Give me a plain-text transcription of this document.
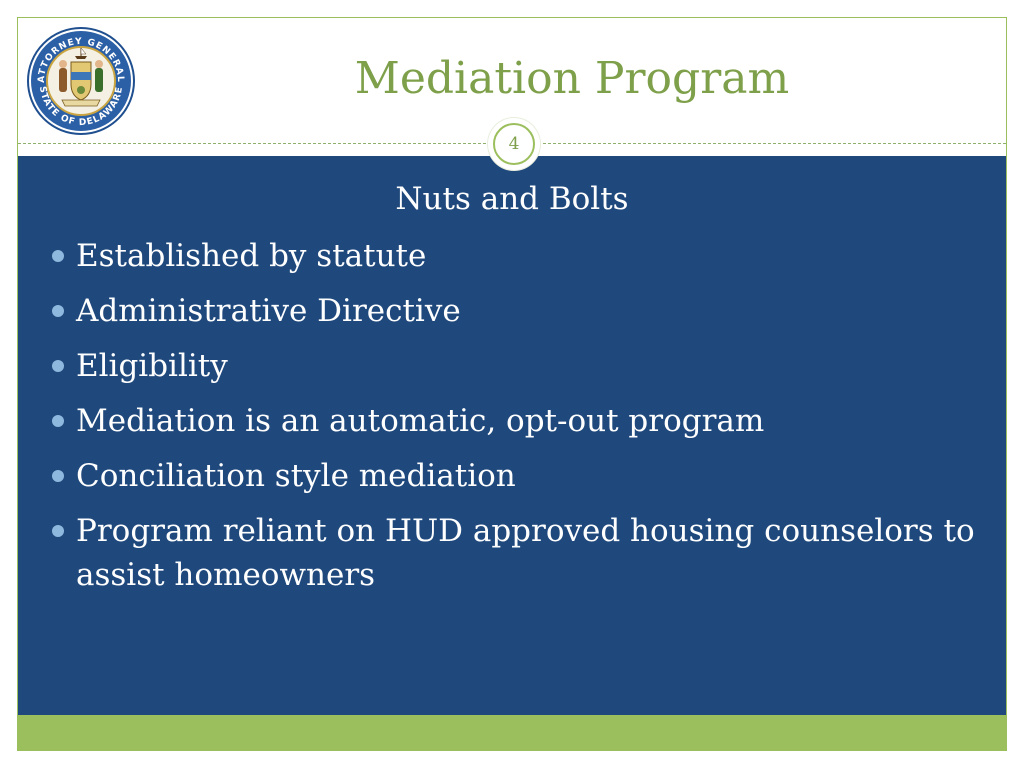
ATTORNEY GENERAL
STATE OF DELAWARE	Mediation Program
4
Nuts and Bolts
Established by statute
Administrative Directive
Eligibility
Mediation is an automatic, opt-out program
Conciliation style mediation
Program reliant on HUD approved housing counselors to assist homeowners
